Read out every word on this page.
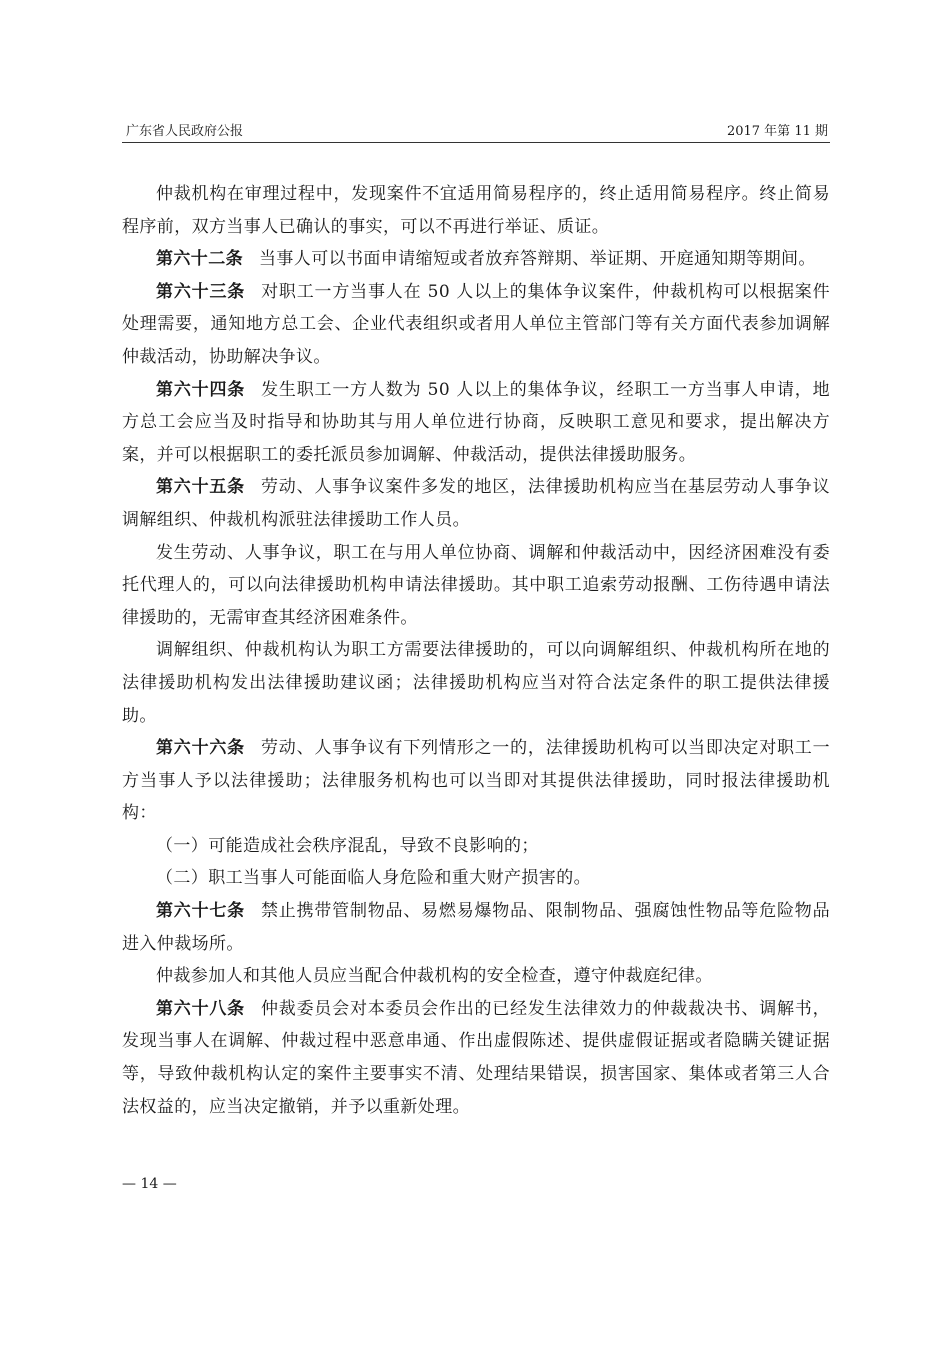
广东省人民政府公报	2017 年第 11 期

仲裁机构在审理过程中，发现案件不宜适用简易程序的，终止适用简易程序。终止简易程序前，双方当事人已确认的事实，可以不再进行举证、质证。

第六十二条 当事人可以书面申请缩短或者放弃答辩期、举证期、开庭通知期等期间。

第六十三条 对职工一方当事人在 50 人以上的集体争议案件，仲裁机构可以根据案件处理需要，通知地方总工会、企业代表组织或者用人单位主管部门等有关方面代表参加调解仲裁活动，协助解决争议。

第六十四条 发生职工一方人数为 50 人以上的集体争议，经职工一方当事人申请，地方总工会应当及时指导和协助其与用人单位进行协商，反映职工意见和要求，提出解决方案，并可以根据职工的委托派员参加调解、仲裁活动，提供法律援助服务。

第六十五条 劳动、人事争议案件多发的地区，法律援助机构应当在基层劳动人事争议调解组织、仲裁机构派驻法律援助工作人员。

发生劳动、人事争议，职工在与用人单位协商、调解和仲裁活动中，因经济困难没有委托代理人的，可以向法律援助机构申请法律援助。其中职工追索劳动报酬、工伤待遇申请法律援助的，无需审查其经济困难条件。

调解组织、仲裁机构认为职工方需要法律援助的，可以向调解组织、仲裁机构所在地的法律援助机构发出法律援助建议函；法律援助机构应当对符合法定条件的职工提供法律援助。

第六十六条 劳动、人事争议有下列情形之一的，法律援助机构可以当即决定对职工一方当事人予以法律援助；法律服务机构也可以当即对其提供法律援助，同时报法律援助机构：

（一）可能造成社会秩序混乱，导致不良影响的；

（二）职工当事人可能面临人身危险和重大财产损害的。

第六十七条 禁止携带管制物品、易燃易爆物品、限制物品、强腐蚀性物品等危险物品进入仲裁场所。

仲裁参加人和其他人员应当配合仲裁机构的安全检查，遵守仲裁庭纪律。

第六十八条 仲裁委员会对本委员会作出的已经发生法律效力的仲裁裁决书、调解书，发现当事人在调解、仲裁过程中恶意串通、作出虚假陈述、提供虚假证据或者隐瞒关键证据等，导致仲裁机构认定的案件主要事实不清、处理结果错误，损害国家、集体或者第三人合法权益的，应当决定撤销，并予以重新处理。

— 14 —
